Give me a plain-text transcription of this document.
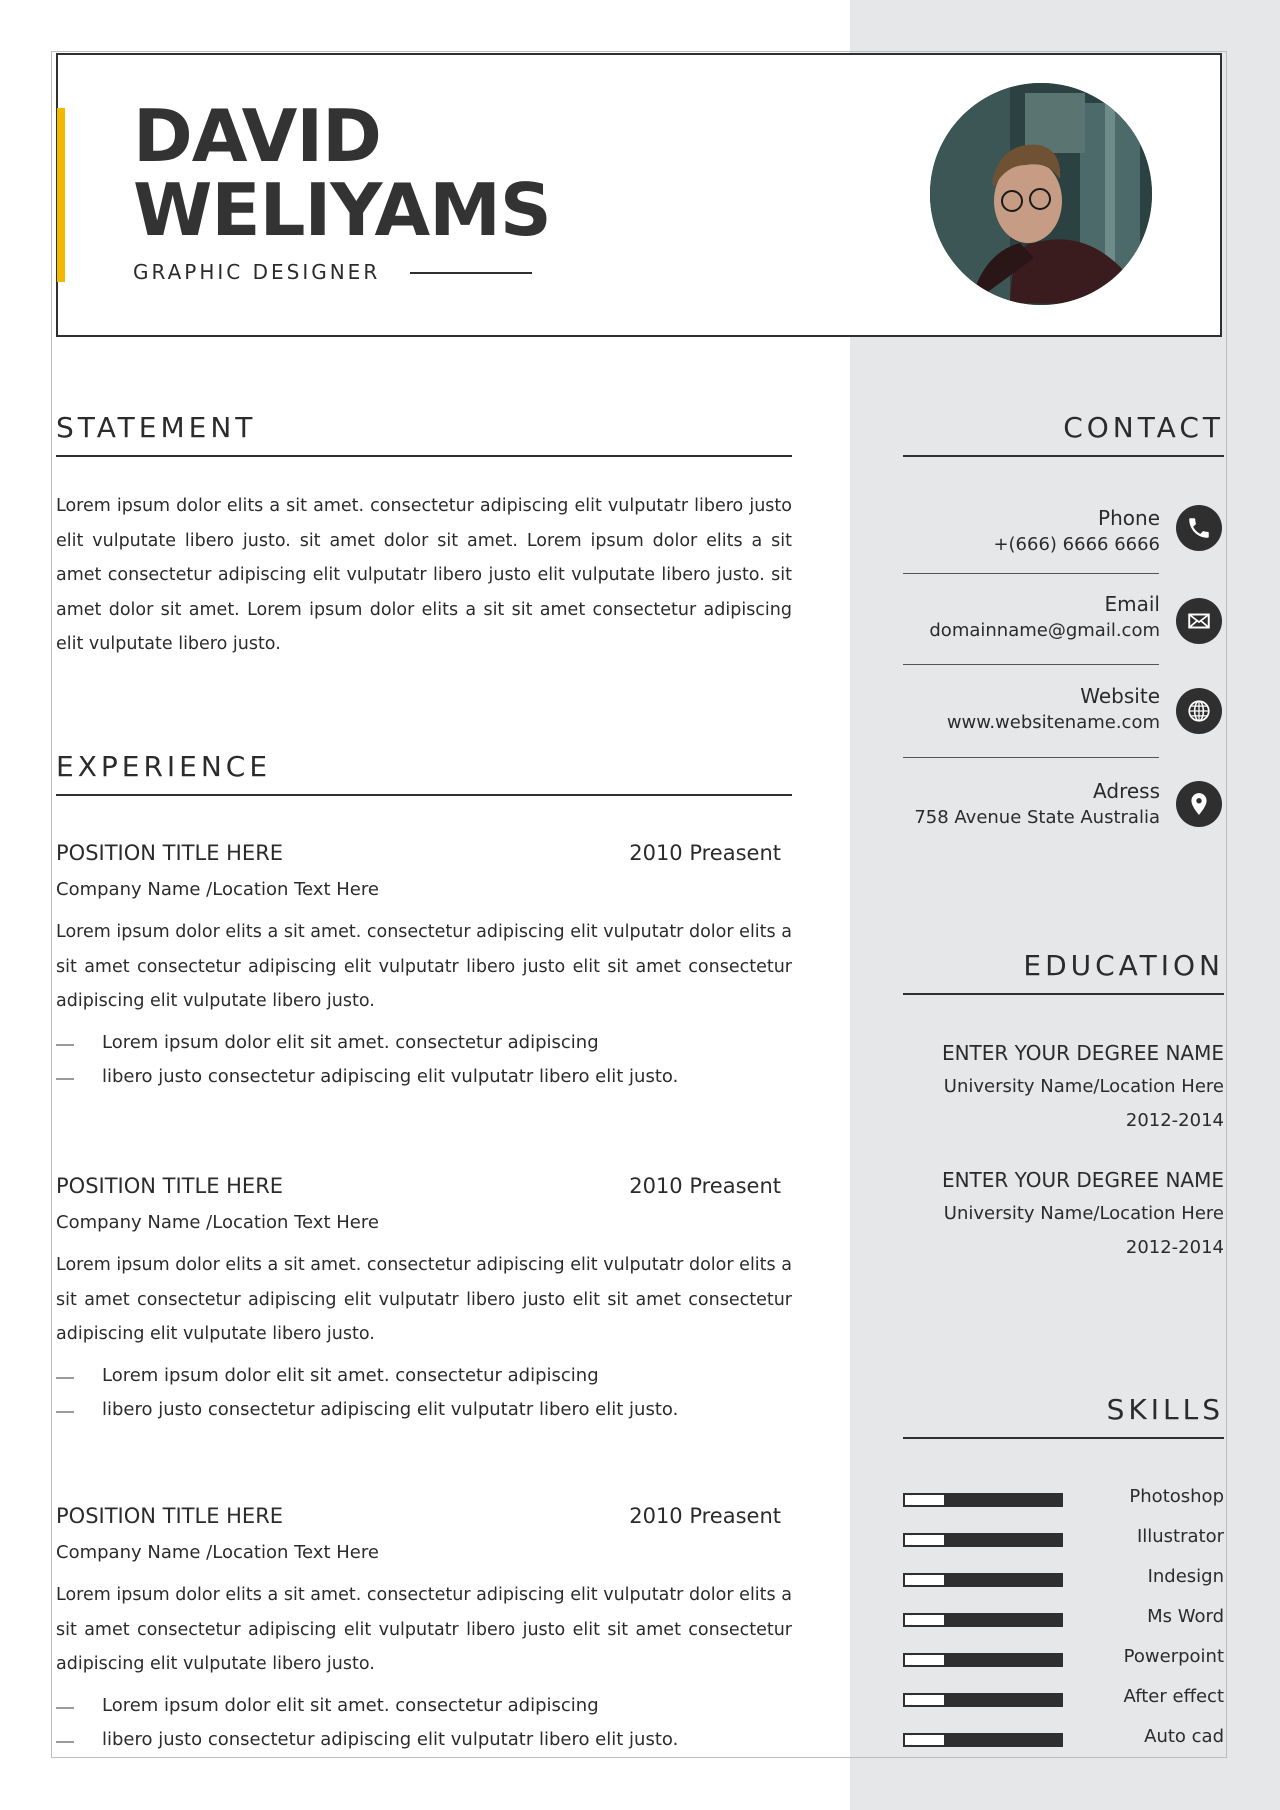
DAVID
WELIYAMS
GRAPHIC DESIGNER
STATEMENT

Lorem ipsum dolor elits a sit amet. consectetur adipiscing elit vulputatr libero justo elit vulputate libero justo. sit amet dolor sit amet. Lorem ipsum dolor elits a sit amet consectetur adipiscing elit vulputatr libero justo elit vulputate libero justo. sit amet dolor sit amet. Lorem ipsum dolor elits a sit sit amet consectetur adipiscing elit vulputate libero justo.

EXPERIENCE
POSITION TITLE HERE	2010 Preasent
Company Name /Location Text Here

Lorem ipsum dolor elits a sit amet. consectetur adipiscing elit vulputatr dolor elits a sit amet consectetur adipiscing elit vulputatr libero justo elit sit amet consectetur adipiscing elit vulputate libero justo.

Lorem ipsum dolor elit sit amet. consectetur adipiscing
libero justo consectetur adipiscing elit vulputatr libero elit justo.
POSITION TITLE HERE	2010 Preasent
Company Name /Location Text Here

Lorem ipsum dolor elits a sit amet. consectetur adipiscing elit vulputatr dolor elits a sit amet consectetur adipiscing elit vulputatr libero justo elit sit amet consectetur adipiscing elit vulputate libero justo.

Lorem ipsum dolor elit sit amet. consectetur adipiscing
libero justo consectetur adipiscing elit vulputatr libero elit justo.
POSITION TITLE HERE	2010 Preasent
Company Name /Location Text Here

Lorem ipsum dolor elits a sit amet. consectetur adipiscing elit vulputatr dolor elits a sit amet consectetur adipiscing elit vulputatr libero justo elit sit amet consectetur adipiscing elit vulputate libero justo.

Lorem ipsum dolor elit sit amet. consectetur adipiscing
libero justo consectetur adipiscing elit vulputatr libero elit justo.
CONTACT
Phone
+(666) 6666 6666
Email
domainname@gmail.com
Website
www.websitename.com
Adress
758 Avenue State Australia
EDUCATION
ENTER YOUR DEGREE NAME
University Name/Location Here
2012-2014
ENTER YOUR DEGREE NAME
University Name/Location Here
2012-2014
SKILLS
Photoshop
Illustrator
Indesign
Ms Word
Powerpoint
After effect
Auto cad
